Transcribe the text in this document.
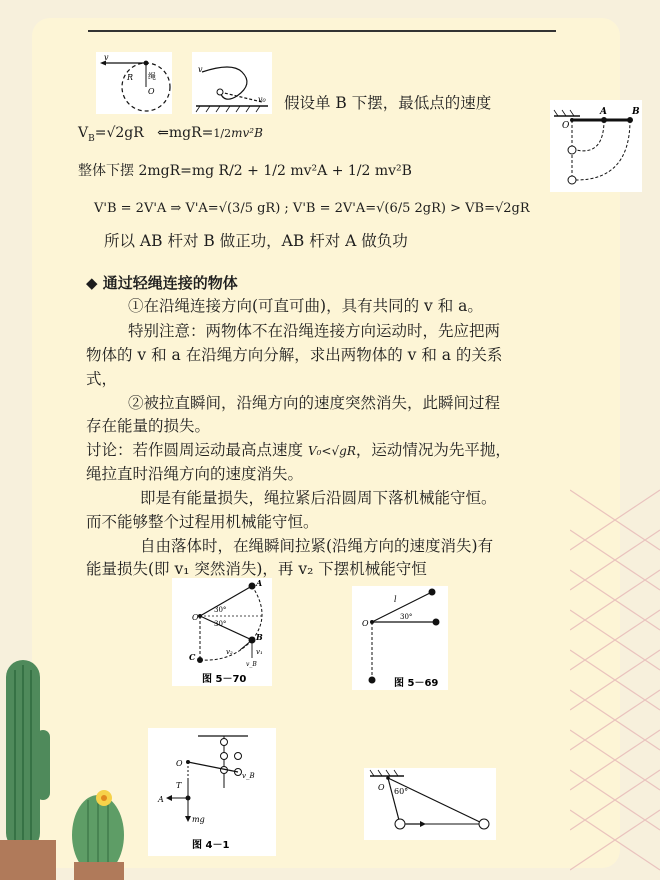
v
R 绳
O
v
v₀
O
A	B
假设单 B 下摆，最低点的速度
$V_B=√2gR$ ⇐mgR=1/2mv²B
整体下摆 2mgR=mg R/2 + 1/2 mv²A + 1/2 mv²B
V'B = 2V'A ⇒ V'A=√(3/5 gR) ; V'B = 2V'A=√(6/5 2gR) > VB=√2gR
所以 AB 杆对 B 做正功，AB 杆对 A 做负功
◆ 通过轻绳连接的物体
①在沿绳连接方向(可直可曲)，具有共同的 v 和 a。
特别注意：两物体不在沿绳连接方向运动时，先应把两
物体的 v 和 a 在沿绳方向分解，求出两物体的 v 和 a 的关系
式，
②被拉直瞬间，沿绳方向的速度突然消失，此瞬间过程
存在能量的损失。
讨论：若作圆周运动最高点速度 V₀<√gR，运动情况为先平抛，
绳拉直时沿绳方向的速度消失。
即是有能量损失，绳拉紧后沿圆周下落机械能守恒。
而不能够整个过程用机械能守恒。
自由落体时，在绳瞬间拉紧(沿绳方向的速度消失)有
能量损失(即 v₁ 突然消失)，再 v₂ 下摆机械能守恒
O
A
B
C
30°
30°
v₂	v₁
v_B
图 5－70
O
l
30°
图 5－69
O
T
A
mg
v_B
图 4－1
O 60°
